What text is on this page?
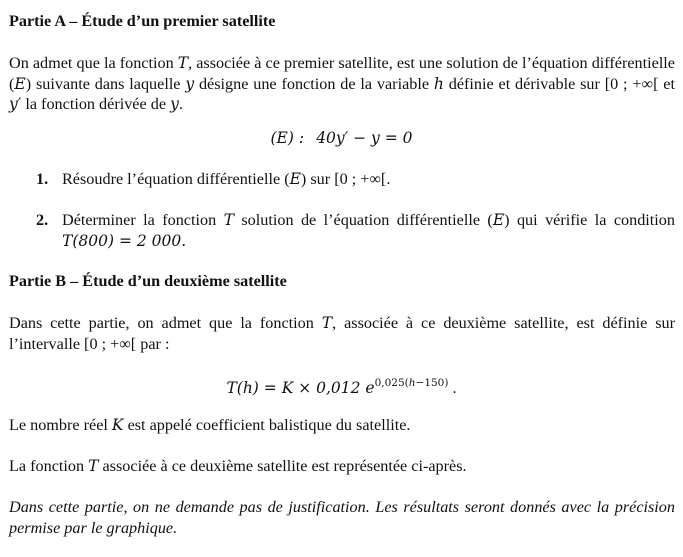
Partie A – Étude d’un premier satellite

On admet que la fonction T, associée à ce premier satellite, est une solution de l’équation différentielle (E) suivante dans laquelle y désigne une fonction de la variable h définie et dérivable sur [0 ; +∞[ et y′ la fonction dérivée de y.

(E) : 40y′ − y = 0
1. Résoudre l’équation différentielle (E) sur [0 ; +∞[.
2. Déterminer la fonction T solution de l’équation différentielle (E) qui vérifie la condition T(800) = 2 000.
Partie B – Étude d’un deuxième satellite

Dans cette partie, on admet que la fonction T, associée à ce deuxième satellite, est définie sur l’intervalle [0 ; +∞[ par :

T(h) = K × 0,012 $e^{0,025(h-150)}$ .
Le nombre réel K est appelé coefficient balistique du satellite.
La fonction T associée à ce deuxième satellite est représentée ci-après.

Dans cette partie, on ne demande pas de justification. Les résultats seront donnés avec la précision permise par le graphique.
